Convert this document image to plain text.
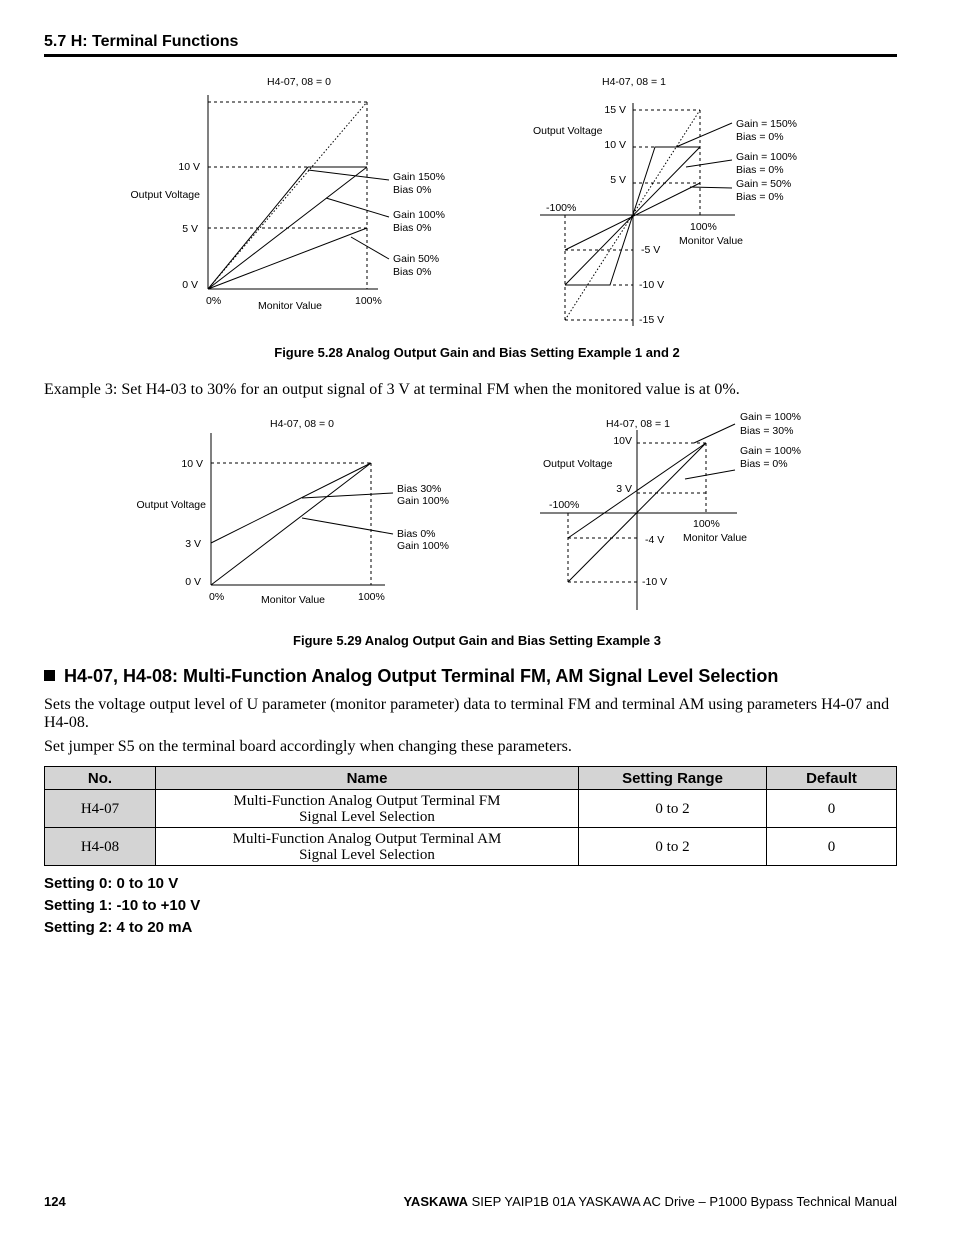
5.7 H: Terminal Functions
H4-07, 08 = 0
10 V
Output Voltage
5 V
0 V
0%	Monitor Value	100%
Gain 150%
Bias 0%
Gain 100%
Bias 0%
Gain 50%
Bias 0%
H4-07, 08 = 1
15 V
Output Voltage
10 V
5 V
-100%
100%
Monitor Value
-5 V
-10 V
-15 V
Gain = 150%
Bias = 0%
Gain = 100%
Bias = 0%
Gain = 50%
Bias = 0%
Figure 5.28 Analog Output Gain and Bias Setting Example 1 and 2
Example 3: Set H4-03 to 30% for an output signal of 3 V at terminal FM when the monitored value is at 0%.
H4-07, 08 = 0
10 V
Output Voltage
3 V
0 V
0%	Monitor Value	100%
Bias 30%
Gain 100%
Bias 0%
Gain 100%
H4-07, 08 = 1
10V
Output Voltage
3 V
-100%
100%
Monitor Value
-4 V
-10 V
Gain = 100%
Bias = 30%
Gain = 100%
Bias = 0%
Figure 5.29 Analog Output Gain and Bias Setting Example 3
H4-07, H4-08: Multi-Function Analog Output Terminal FM, AM Signal Level Selection
Sets the voltage output level of U parameter (monitor parameter) data to terminal FM and terminal AM using parameters H4-07 and H4-08.
Set jumper S5 on the terminal board accordingly when changing these parameters.
No.	Name	Setting Range	Default
H4-07	Multi-Function Analog Output Terminal FM
Signal Level Selection	0 to 2	0
H4-08	Multi-Function Analog Output Terminal AM
Signal Level Selection	0 to 2	0
Setting 0: 0 to 10 V
Setting 1: -10 to +10 V
Setting 2: 4 to 20 mA
124	YASKAWA SIEP YAIP1B 01A YASKAWA AC Drive – P1000 Bypass Technical Manual
